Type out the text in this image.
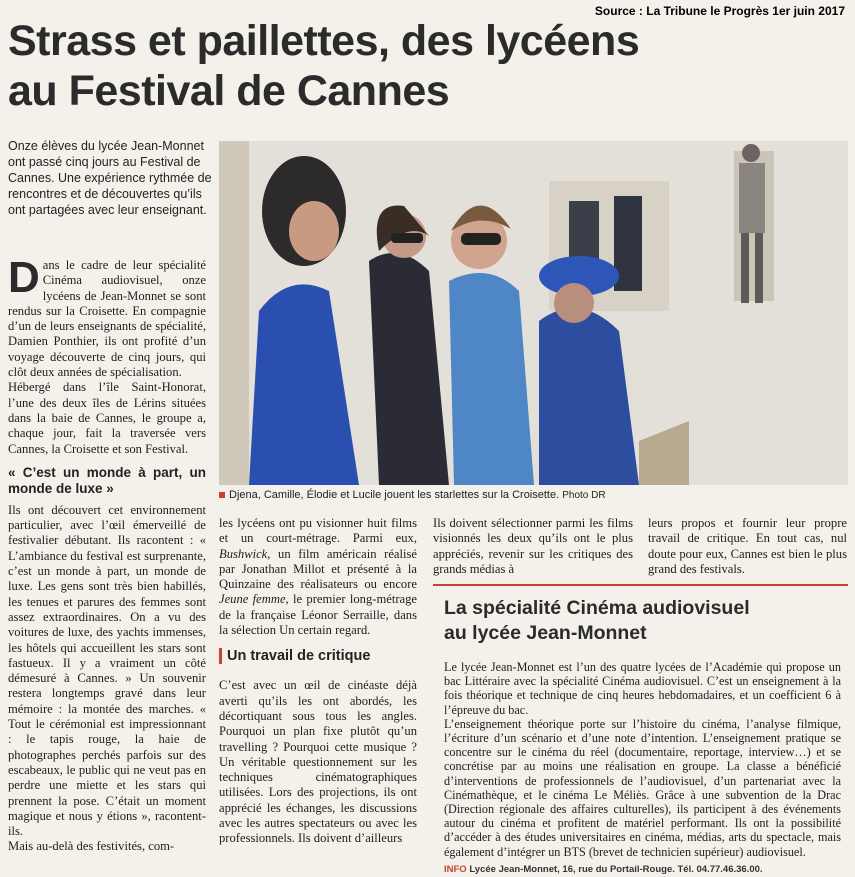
Source : La Tribune le Progrès 1er juin 2017
Strass et paillettes, des lycéens
au Festival de Cannes
Onze élèves du lycée Jean-Monnet ont passé cinq jours au Festival de Cannes. Une expérience rythmée de rencontres et de découvertes qu’ils ont partagées avec leur enseignant.

Dans le cadre de leur spécialité Cinéma audiovisuel, onze lycéens de Jean-Monnet se sont rendus sur la Croisette. En compagnie d’un de leurs enseignants de spécialité, Damien Ponthier, ils ont profité d’un voyage découverte de cinq jours, qui clôt deux années de spécialisation.

Hébergé dans l’île Saint-Honorat, l’une des deux îles de Lérins situées dans la baie de Cannes, le groupe a, chaque jour, fait la traversée vers Cannes, la Croisette et son Festival.

« C’est un monde à part, un monde de luxe »

Ils ont découvert cet environnement particulier, avec l’œil émerveillé de festivalier débutant. Ils racontent : « L’ambiance du festival est surprenante, c’est un monde à part, un monde de luxe. Les gens sont très bien habillés, les tenues et parures des femmes sont assez extraordinaires. On a vu des voitures de luxe, des yachts immenses, les hôtels qui accueillent les stars sont fastueux. Il y a vraiment un côté démesuré à Cannes. » Un souvenir restera longtemps gravé dans leur mémoire : la montée des marches. « Tout le cérémonial est impressionnant : le tapis rouge, la haie de photographes perchés parfois sur des escabeaux, le public qui ne veut pas en perdre une miette et les stars qui prennent la pose. C’était un moment magique et nous y étions », racontent-ils.

Mais au-delà des festivités, com-

Djena, Camille, Élodie et Lucile jouent les starlettes sur la Croisette. Photo DR

les lycéens ont pu visionner huit films et un court-métrage. Parmi eux, Bushwick, un film américain réalisé par Jonathan Millot et présenté à la Quinzaine des réalisateurs ou encore Jeune femme, le premier long-métrage de la française Léonor Serraille, dans la sélection Un certain regard.

Un travail de critique

C’est avec un œil de cinéaste déjà averti qu’ils les ont abordés, les décortiquant sous tous les angles. Pourquoi un plan fixe plutôt qu’un travelling ? Pourquoi cette musique ? Un véritable questionnement sur les techniques cinématographiques utilisées. Lors des projections, ils ont apprécié les échanges, les discussions avec les autres spectateurs ou avec les professionnels. Ils doivent d’ailleurs

Ils doivent sélectionner parmi les films visionnés les deux qu’ils ont le plus appréciés, revenir sur les critiques des grands médias à

leurs propos et fournir leur propre travail de critique. En tout cas, nul doute pour eux, Cannes est bien le plus grand des festivals.

La spécialité Cinéma audiovisuel
au lycée Jean-Monnet

Le lycée Jean-Monnet est l’un des quatre lycées de l’Académie qui propose un bac Littéraire avec la spécialité Cinéma audiovisuel. C’est un enseignement à la fois théorique et technique de cinq heures hebdomadaires, et un coefficient 6 à l’épreuve du bac.

L’enseignement théorique porte sur l’histoire du cinéma, l’analyse filmique, l’écriture d’un scénario et d’une note d’intention. L’enseignement pratique se concentre sur le cinéma du réel (documentaire, reportage, interview…) et se concrétise par au moins une réalisation en groupe. La classe a bénéficié d’interventions de professionnels de l’audiovisuel, d’un partenariat avec la Cinémathèque, et le cinéma Le Méliès. Grâce à une subvention de la Drac (Direction régionale des affaires culturelles), ils participent à des événements autour du cinéma et profitent de matériel performant. Ils ont la possibilité d’accéder à des études universitaires en cinéma, médias, arts du spectacle, mais également d’intégrer un BTS (brevet de technicien supérieur) audiovisuel.

INFO Lycée Jean-Monnet, 16, rue du Portail-Rouge. Tél. 04.77.46.36.00.
